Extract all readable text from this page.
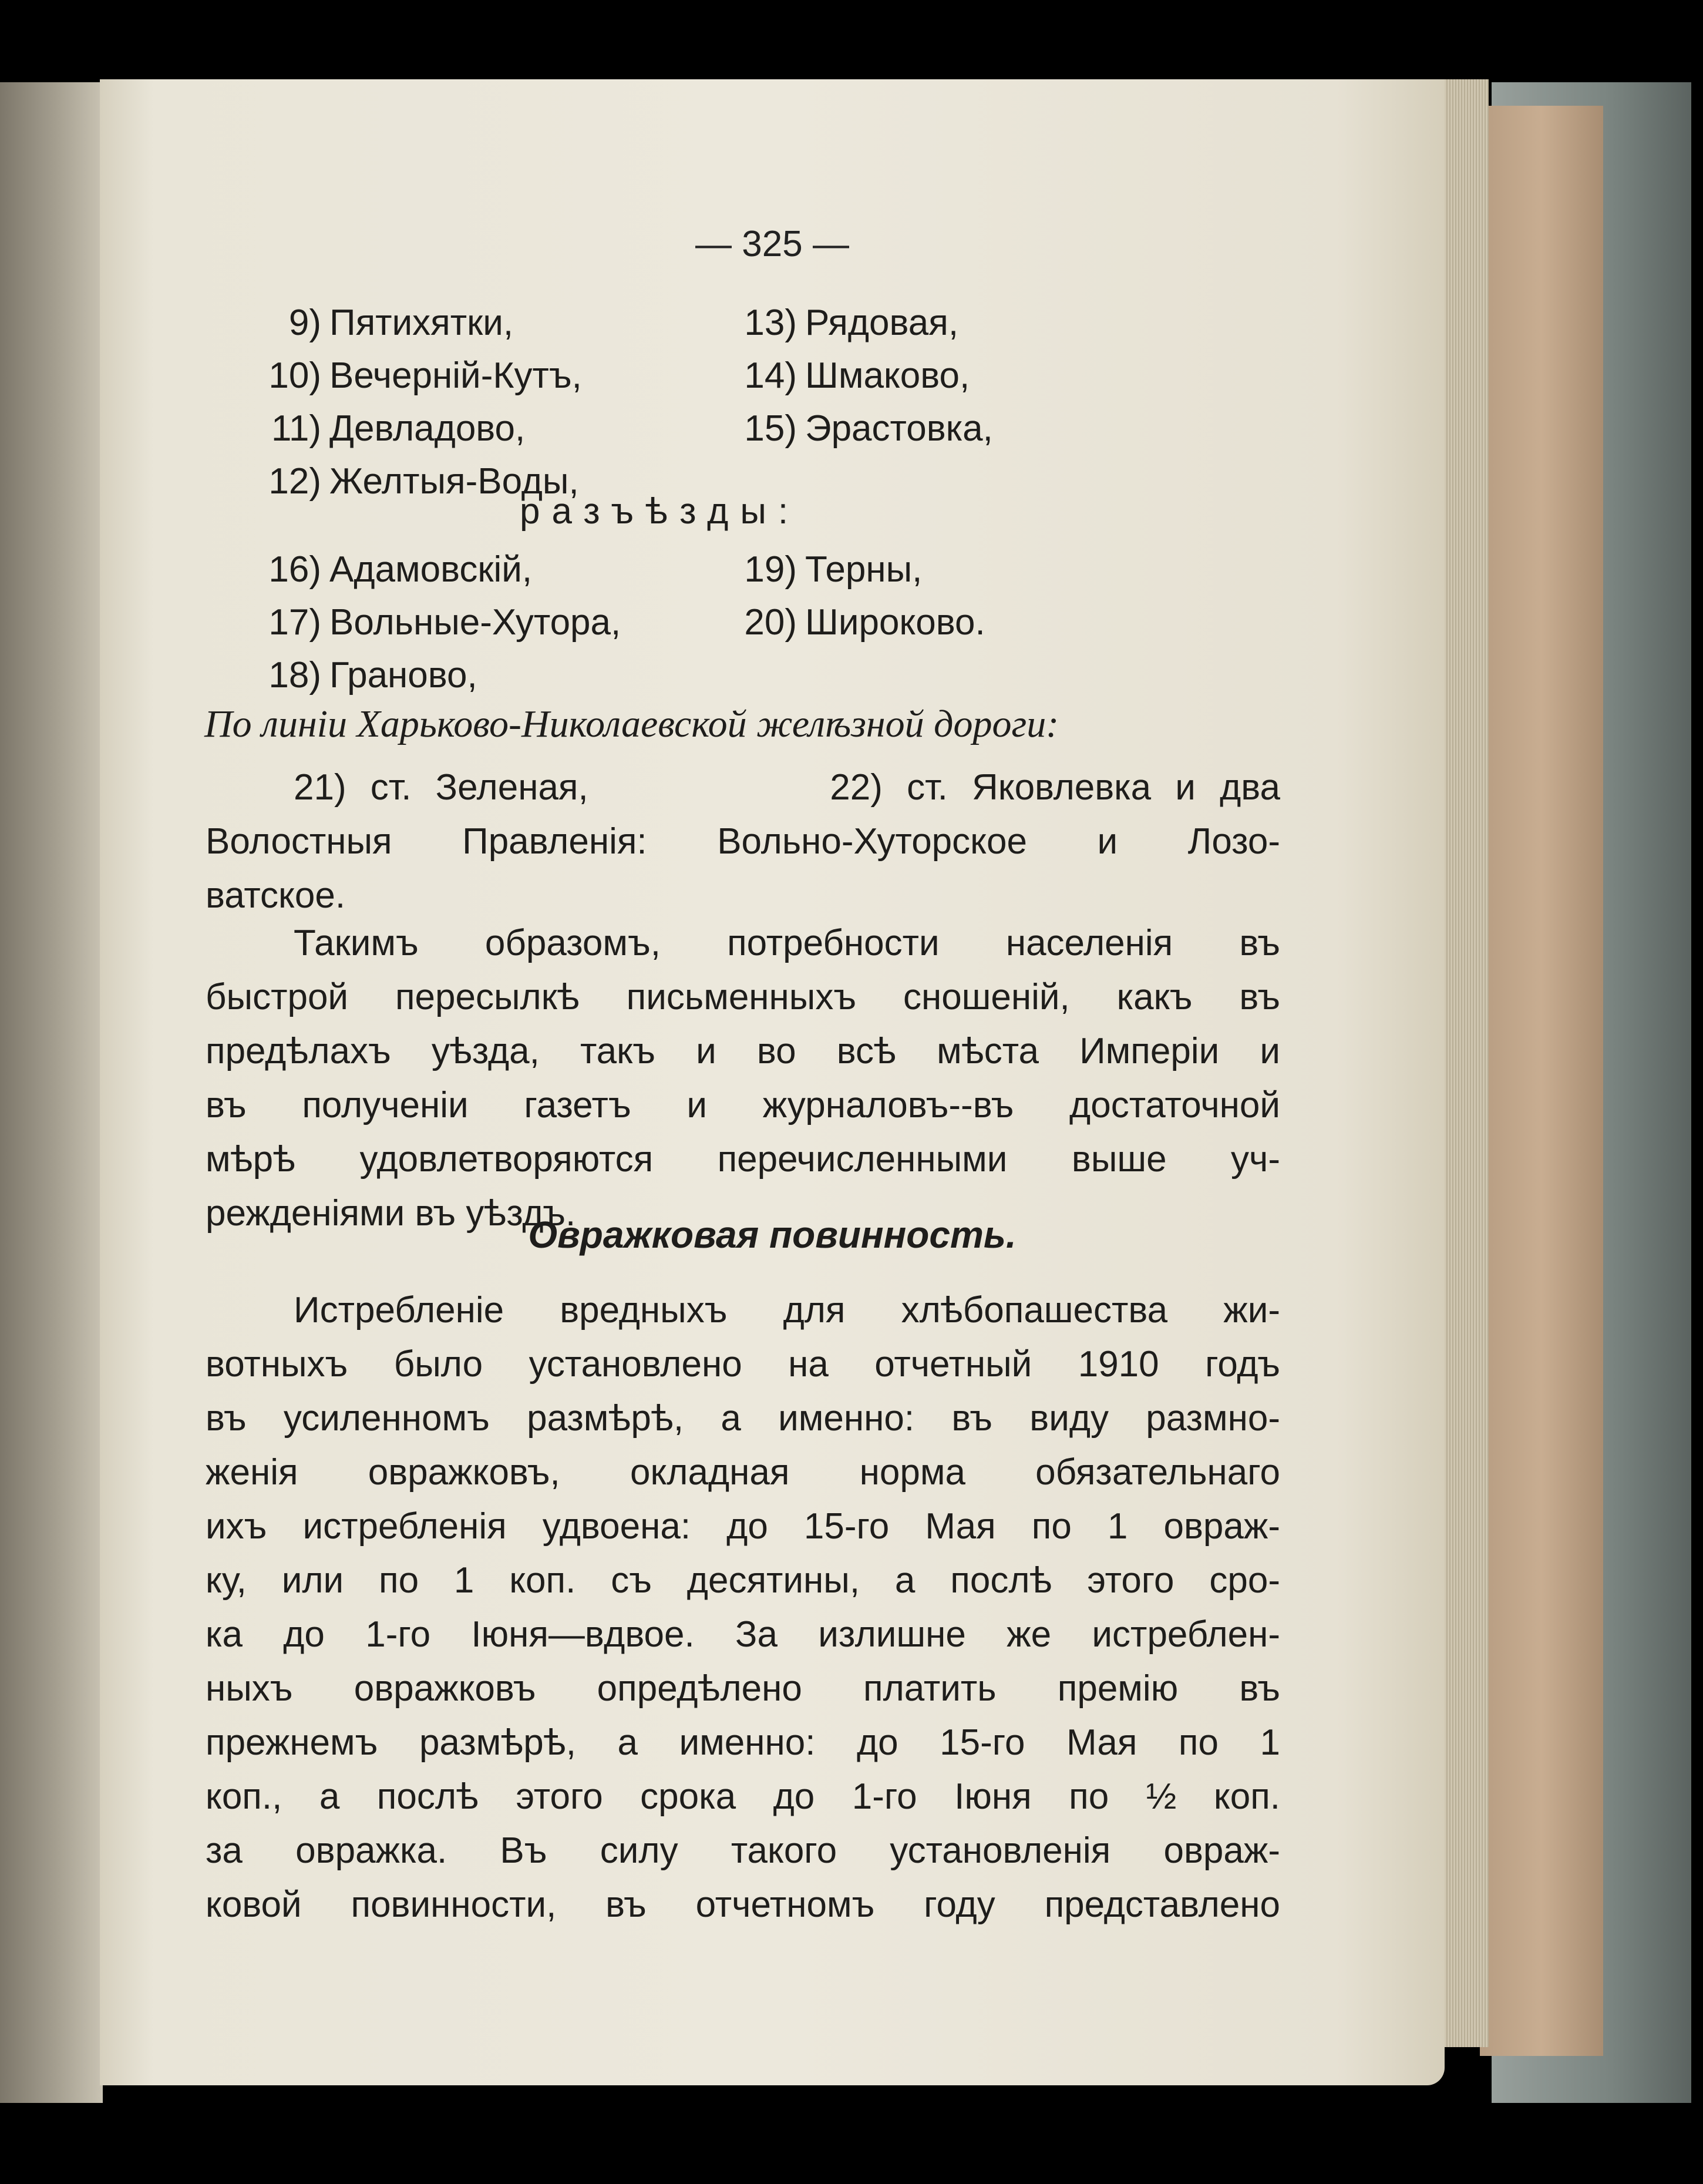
— 325 —
9) Пятихятки,
10) Вечерній-Кутъ,
11) Девладово,
12) Желтыя-Воды,
13) Рядовая,
14) Шмаково,
15) Эрастовка,
разъѣзды:
16) Адамовскій,
17) Вольные-Хутора,
18) Граново,
19) Терны,
20) Широково.
По линіи Харьково-Николаевской желѣзной дороги:
21) ст. Зеленая,          22) ст. Яковлевка и два
Волостныя Правленія: Вольно-Хуторское и Лозо-
ватское.
Такимъ образомъ, потребности населенія въ
быстрой пересылкѣ письменныхъ сношеній, какъ въ
предѣлахъ уѣзда, такъ и во всѣ мѣста Имперіи и
въ полученіи газетъ и журналовъ--въ достаточной
мѣрѣ удовлетворяются перечисленными выше уч-
режденіями въ уѣздъ.
Овражковая повинность.
Истребленіе вредныхъ для хлѣбопашества жи-
вотныхъ было установлено на отчетный 1910 годъ
въ усиленномъ размѣрѣ, а именно: въ виду размно-
женія овражковъ, окладная норма обязательнаго
ихъ истребленія удвоена: до 15-го Мая по 1 овраж-
ку, или по 1 коп. съ десятины, а послѣ этого сро-
ка до 1-го Іюня—вдвое. За излишне же истреблен-
ныхъ овражковъ опредѣлено платить премію въ
прежнемъ размѣрѣ, а именно: до 15-го Мая по 1
коп., а послѣ этого срока до 1-го Іюня по ½ коп.
за овражка. Въ силу такого установленія овраж-
ковой повинности, въ отчетномъ году представлено
